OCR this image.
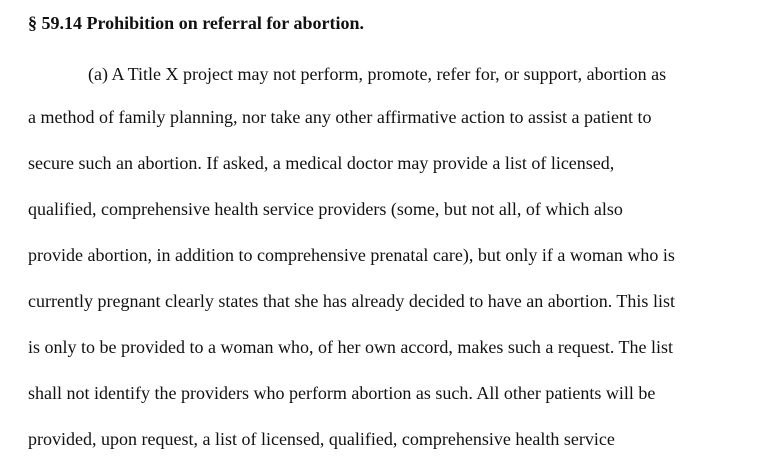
§ 59.14 Prohibition on referral for abortion.
(a) A Title X project may not perform, promote, refer for, or support, abortion as
a method of family planning, nor take any other affirmative action to assist a patient to
secure such an abortion. If asked, a medical doctor may provide a list of licensed,
qualified, comprehensive health service providers (some, but not all, of which also
provide abortion, in addition to comprehensive prenatal care), but only if a woman who is
currently pregnant clearly states that she has already decided to have an abortion. This list
is only to be provided to a woman who, of her own accord, makes such a request. The list
shall not identify the providers who perform abortion as such. All other patients will be
provided, upon request, a list of licensed, qualified, comprehensive health service
